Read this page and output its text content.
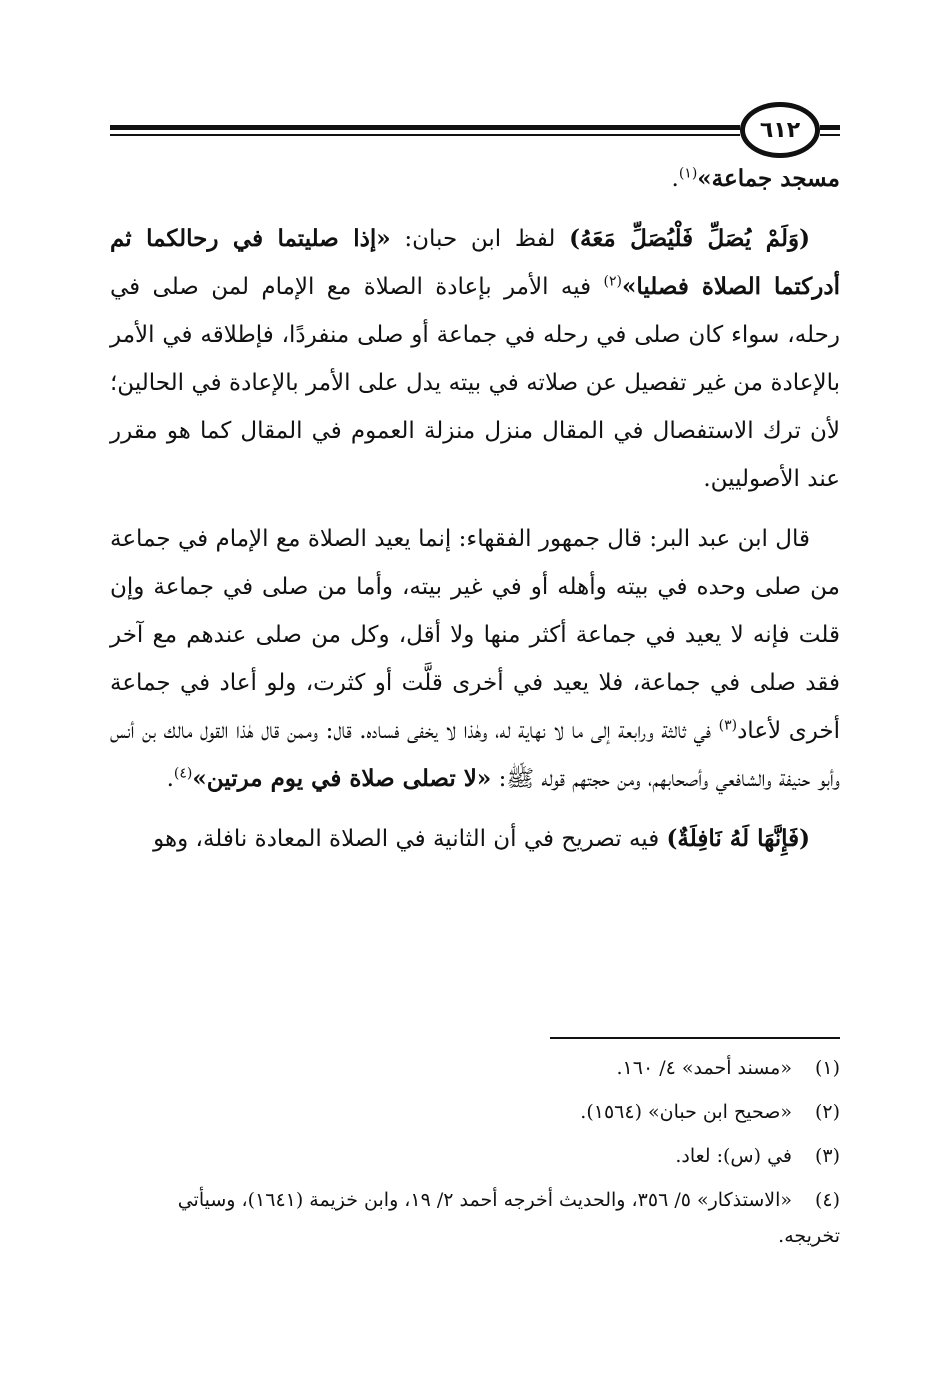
٦١٢

مسجد جماعة»$^{(١)}$.

(وَلَمْ يُصَلِّ فَلْيُصَلِّ مَعَهُ) لفظ ابن حبان: «إذا صليتما في رحالكما ثم أدركتما الصلاة فصليا»$^{(٢)}$ فيه الأمر بإعادة الصلاة مع الإمام لمن صلى في رحله، سواء كان صلى في رحله في جماعة أو صلى منفردًا، فإطلاقه في الأمر بالإعادة من غير تفصيل عن صلاته في بيته يدل على الأمر بالإعادة في الحالين؛ لأن ترك الاستفصال في المقال منزل منزلة العموم في المقال كما هو مقرر عند الأصوليين.

قال ابن عبد البر: قال جمهور الفقهاء: إنما يعيد الصلاة مع الإمام في جماعة من صلى وحده في بيته وأهله أو في غير بيته، وأما من صلى في جماعة وإن قلت فإنه لا يعيد في جماعة أكثر منها ولا أقل، وكل من صلى عندهم مع آخر فقد صلى في جماعة، فلا يعيد في أخرى قلَّت أو كثرت، ولو أعاد في جماعة أخرى لأعاد$^{(٣)}$ في ثالثة ورابعة إلى ما لا نهاية له، وهٰذا لا يخفى فساده. قال: وممن قال هٰذا القول مالك بن أنس وأبو حنيفة والشافعي وأصحابهم، ومن حجتهم قوله ﷺ: «لا تصلى صلاة في يوم مرتين»$^{(٤)}$.

(فَإِنَّهَا لَهُ نَافِلَةٌ) فيه تصريح في أن الثانية في الصلاة المعادة نافلة، وهو

(١)«مسند أحمد» ٤/ ١٦٠.

(٢)«صحيح ابن حبان» (١٥٦٤).

(٣)في (س): لعاد.

(٤)«الاستذكار» ٥/ ٣٥٦، والحديث أخرجه أحمد ٢/ ١٩، وابن خزيمة (١٦٤١)، وسيأتي تخريجه.
